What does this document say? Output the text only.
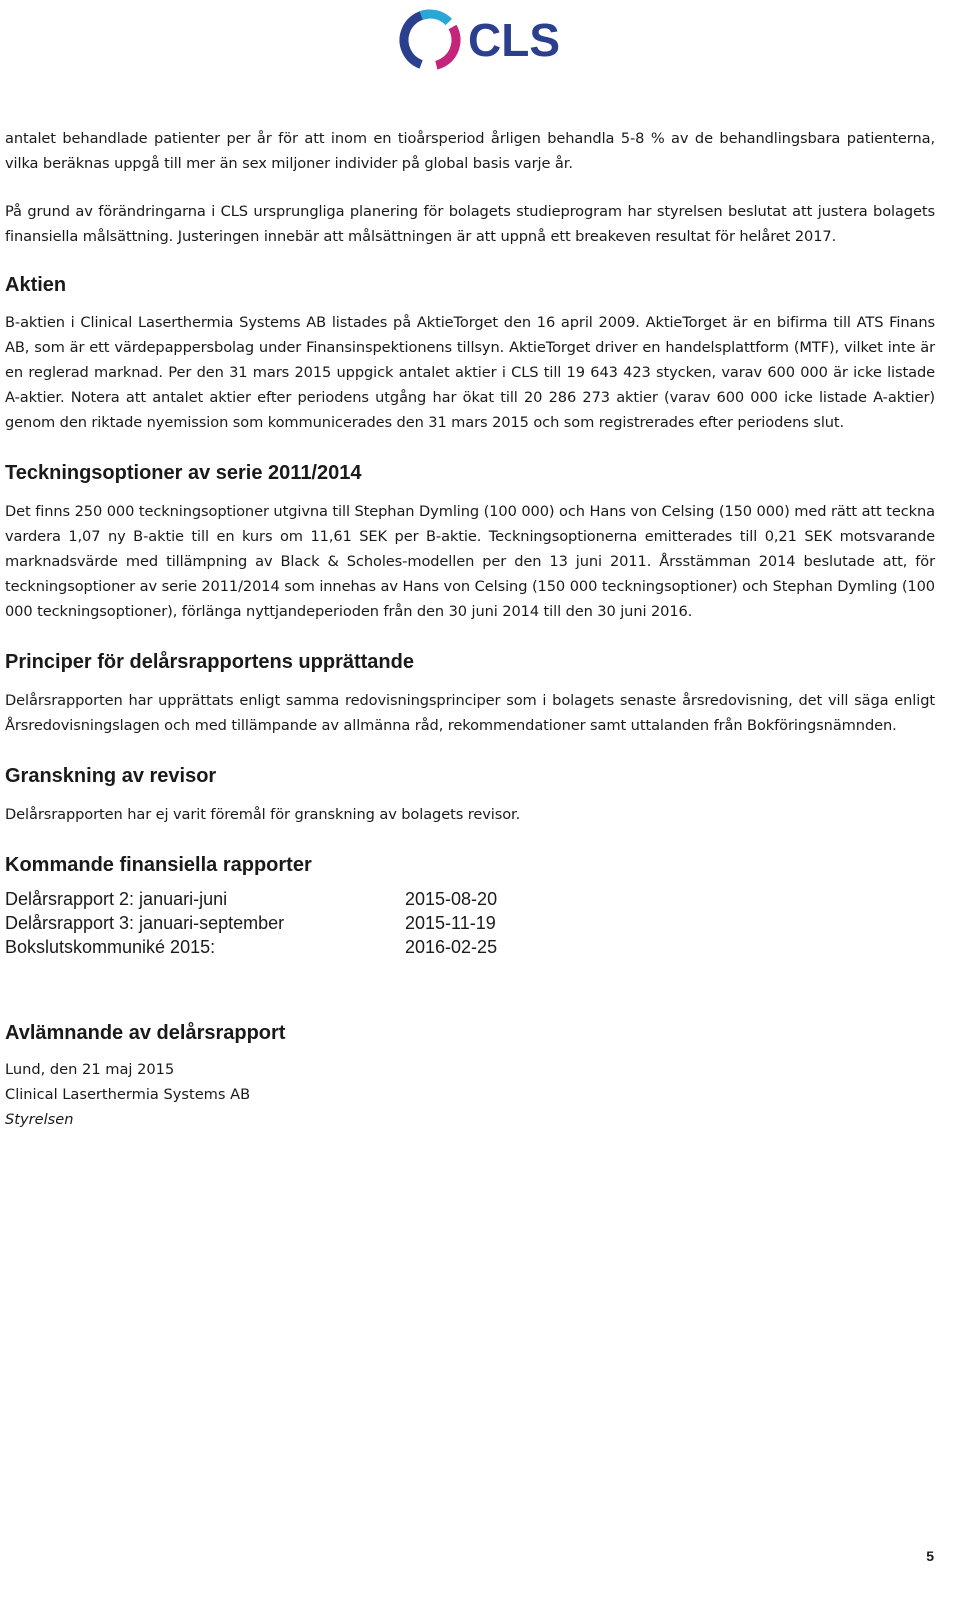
CLS

antalet behandlade patienter per år för att inom en tioårsperiod årligen behandla 5-8 % av de behandlingsbara patienterna, vilka beräknas uppgå till mer än sex miljoner individer på global basis varje år.

På grund av förändringarna i CLS ursprungliga planering för bolagets studieprogram har styrelsen beslutat att justera bolagets finansiella målsättning. Justeringen innebär att målsättningen är att uppnå ett breakeven resultat för helåret 2017.

Aktien

B-aktien i Clinical Laserthermia Systems AB listades på AktieTorget den 16 april 2009. AktieTorget är en bifirma till ATS Finans AB, som är ett värdepappersbolag under Finansinspektionens tillsyn. AktieTorget driver en handelsplattform (MTF), vilket inte är en reglerad marknad. Per den 31 mars 2015 uppgick antalet aktier i CLS till 19 643 423 stycken, varav 600 000 är icke listade A-aktier. Notera att antalet aktier efter periodens utgång har ökat till 20 286 273 aktier (varav 600 000 icke listade A-aktier) genom den riktade nyemission som kommunicerades den 31 mars 2015 och som registrerades efter periodens slut.

Teckningsoptioner av serie 2011/2014

Det finns 250 000 teckningsoptioner utgivna till Stephan Dymling (100 000) och Hans von Celsing (150 000) med rätt att teckna vardera 1,07 ny B-aktie till en kurs om 11,61 SEK per B-aktie. Teckningsoptionerna emitterades till 0,21 SEK motsvarande marknadsvärde med tillämpning av Black & Scholes-modellen per den 13 juni 2011. Årsstämman 2014 beslutade att, för teckningsoptioner av serie 2011/2014 som innehas av Hans von Celsing (150 000 teckningsoptioner) och Stephan Dymling (100 000 teckningsoptioner), förlänga nyttjandeperioden från den 30 juni 2014 till den 30 juni 2016.

Principer för delårsrapportens upprättande

Delårsrapporten har upprättats enligt samma redovisningsprinciper som i bolagets senaste årsredovisning, det vill säga enligt Årsredovisningslagen och med tillämpande av allmänna råd, rekommendationer samt uttalanden från Bokföringsnämnden.

Granskning av revisor

Delårsrapporten har ej varit föremål för granskning av bolagets revisor.

Kommande finansiella rapporter
Delårsrapport 2: januari-juni	2015-08-20
Delårsrapport 3: januari-september	2015-11-19
Bokslutskommuniké 2015:	2016-02-25
Avlämnande av delårsrapport

Lund, den 21 maj 2015

Clinical Laserthermia Systems AB

Styrelsen

5
